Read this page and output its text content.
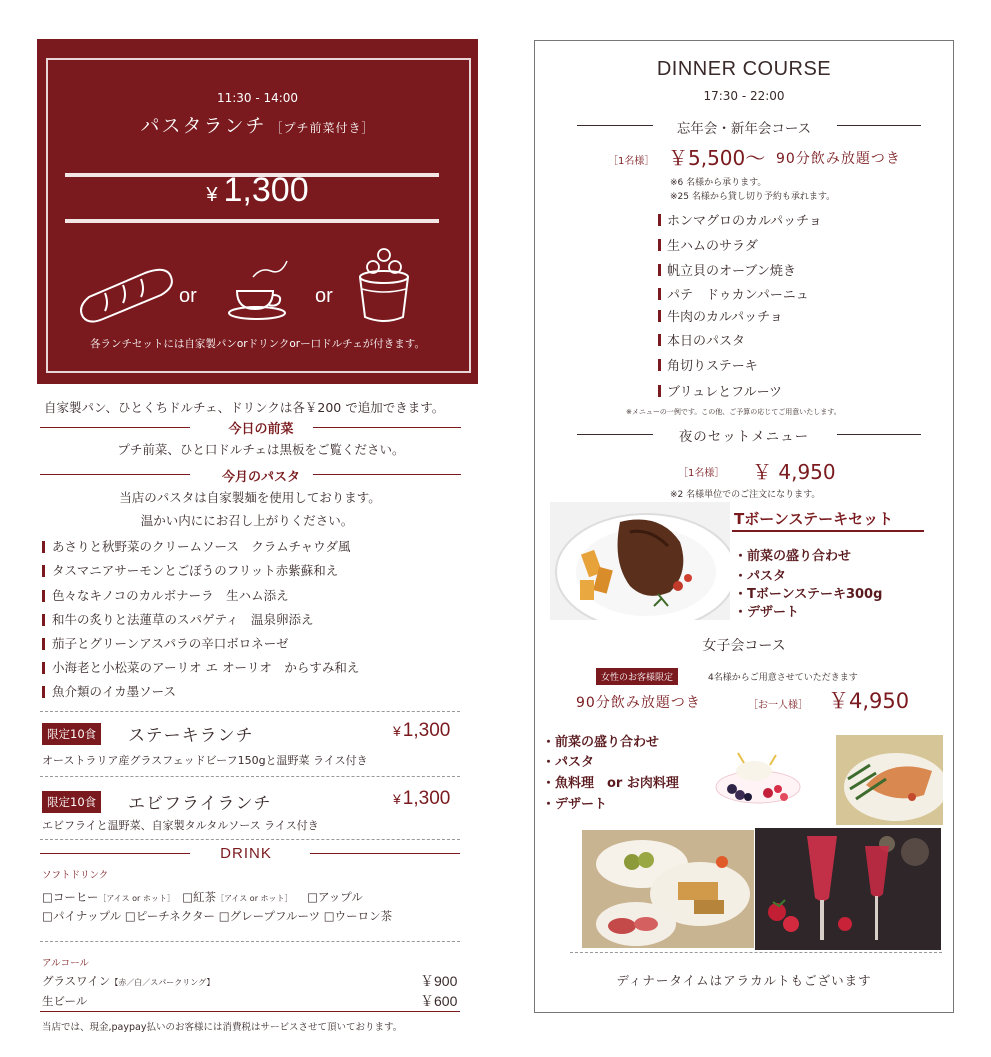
11:30 - 14:00
パスタランチ ［プチ前菜付き］
¥ 1,300
or	or
各ランチセットには自家製パンorドリンクorー口ドルチェが付きます。
自家製パン、ひとくちドルチェ、ドリンクは各￥200 で追加できます。
今日の前菜
プチ前菜、ひと口ドルチェは黒板をご覧ください。
今月のパスタ
当店のパスタは自家製麺を使用しております。
温かい内ににお召し上がりください。
あさりと秋野菜のクリームソース　クラムチャウダ風
タスマニアサーモンとごぼうのフリット赤紫蘇和え
色々なキノコのカルボナーラ　生ハム添え
和牛の炙りと法蓮草のスパゲティ　温泉卵添え
茄子とグリーンアスパラの辛口ボロネーゼ
小海老と小松菜のアーリオ エ オーリオ　からすみ和え
魚介類のイカ墨ソース
限定10食 ステーキランチ	¥ 1,300
オーストラリア産グラスフェッドビーフ150gと温野菜 ライス付き
限定10食 エビフライランチ	¥ 1,300
エビフライと温野菜、自家製タルタルソース ライス付き
DRINK
ソフトドリンク
□コーヒー［アイス or ホット］ □紅茶［アイス or ホット］ □アップル
□パイナップル □ピーチネクター □グレープフルーツ □ウーロン茶
アルコール
グラスワイン【赤／白／スパークリング】	￥900
生ビール	￥600
当店では、現金,paypay払いのお客様には消費税はサービスさせて頂いております。
DINNER COURSE
17:30 - 22:00
忘年会・新年会コース
［1名様］ ￥5,500〜 90分飲み放題つき
※6 名様から承ります。
※25 名様から貸し切り予約も承れます。
ホンマグロのカルパッチョ
生ハムのサラダ
帆立貝のオーブン焼き
パテ　ドゥカンパーニュ
牛肉のカルパッチョ
本日のパスタ
角切りステーキ
ブリュレとフルーツ
※メニューの一例です。この他、ご予算の応じてご用意いたします。
夜のセットメニュー
［1名様］ ￥ 4,950
※2 名様単位でのご注文になります。
Tボーンステーキセット
・前菜の盛り合わせ
・パスタ
・Tボーンステーキ300g
・デザート
女子会コース
女性のお客様限定	4名様からご用意させていただきます
90分飲み放題つき	［お一人様］ ￥4,950
・前菜の盛り合わせ
・パスタ
・魚料理　or お肉料理
・デザート
ディナータイムはアラカルトもございます
